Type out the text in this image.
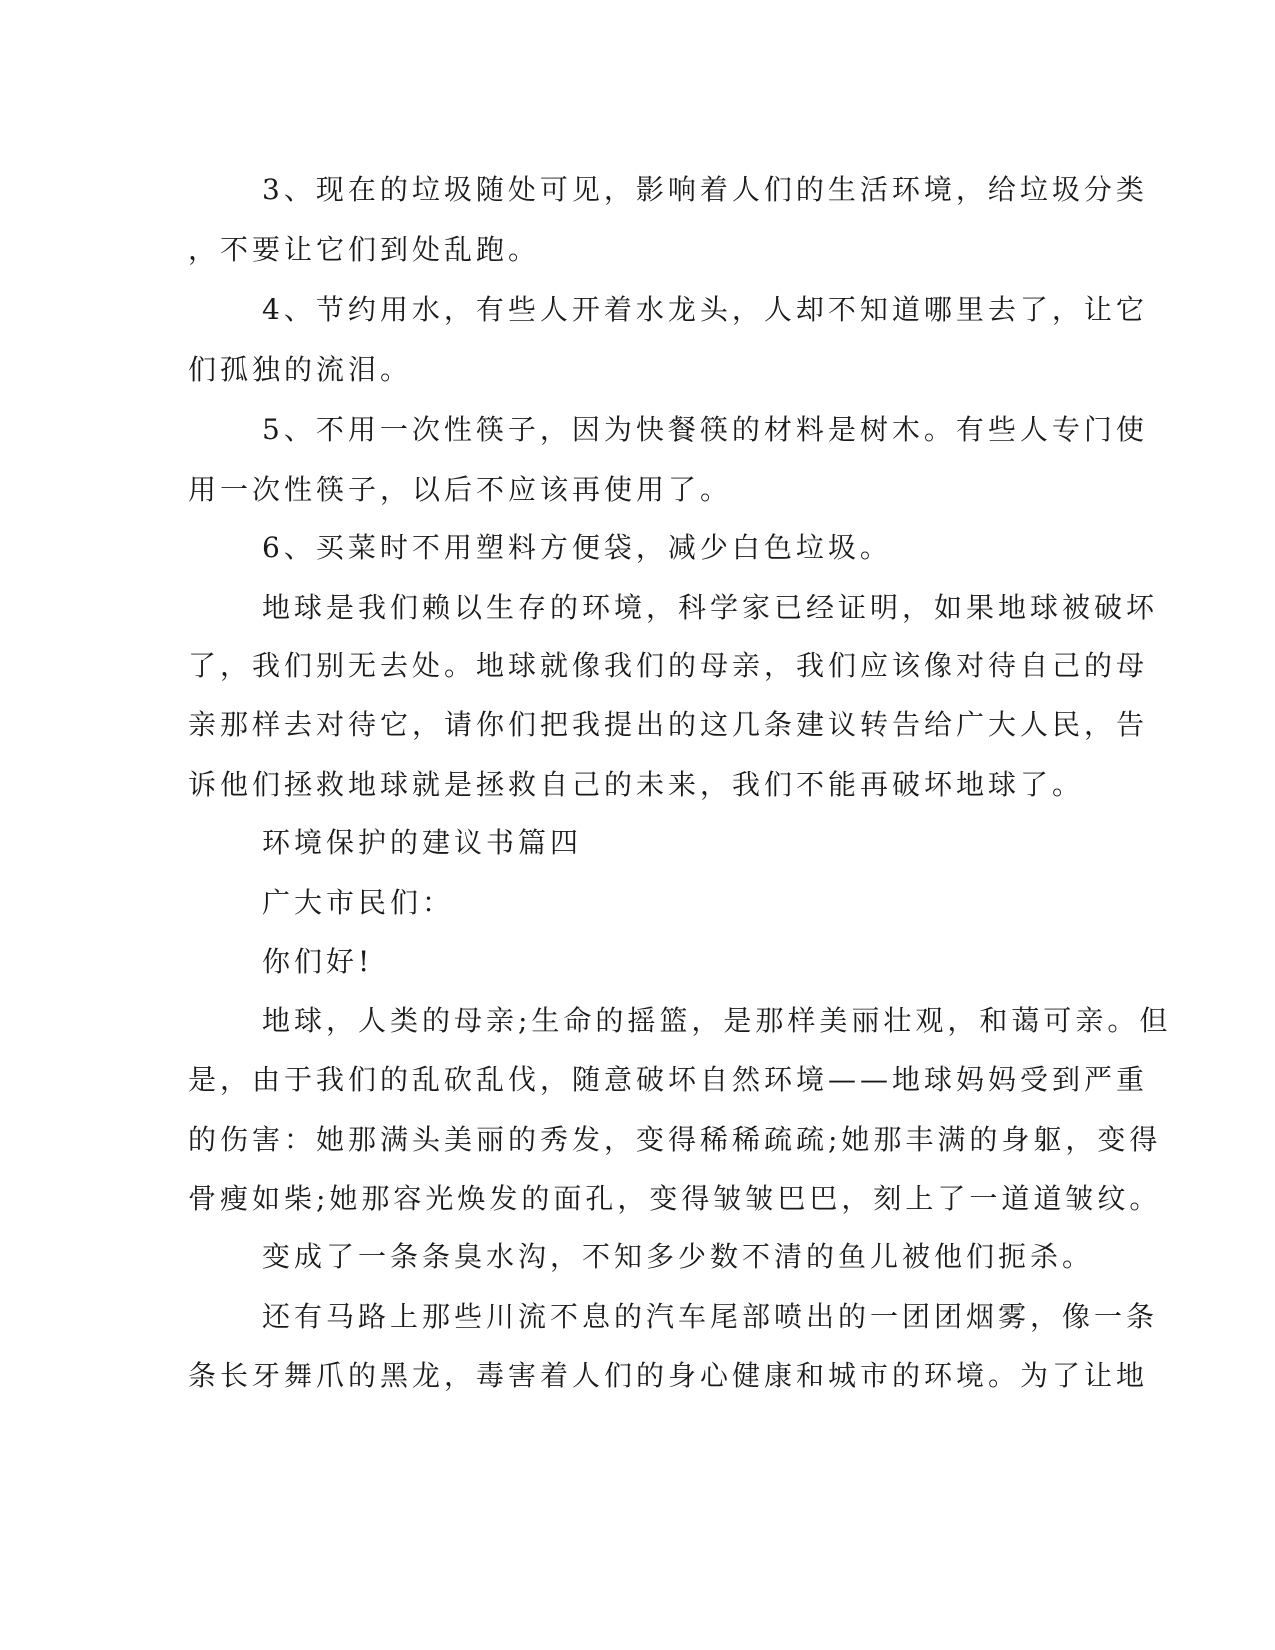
3、现在的垃圾随处可见，影响着人们的生活环境，给垃圾分类

，不要让它们到处乱跑。

4、节约用水，有些人开着水龙头，人却不知道哪里去了，让它

们孤独的流泪。

5、不用一次性筷子，因为快餐筷的材料是树木。有些人专门使

用一次性筷子，以后不应该再使用了。

6、买菜时不用塑料方便袋，减少白色垃圾。

地球是我们赖以生存的环境，科学家已经证明，如果地球被破坏

了，我们别无去处。地球就像我们的母亲，我们应该像对待自己的母

亲那样去对待它，请你们把我提出的这几条建议转告给广大人民，告

诉他们拯救地球就是拯救自己的未来，我们不能再破坏地球了。

环境保护的建议书篇四

广大市民们：

你们好!

地球，人类的母亲;生命的摇篮，是那样美丽壮观，和蔼可亲。但

是，由于我们的乱砍乱伐，随意破坏自然环境——地球妈妈受到严重

的伤害：她那满头美丽的秀发，变得稀稀疏疏;她那丰满的身躯，变得

骨瘦如柴;她那容光焕发的面孔，变得皱皱巴巴，刻上了一道道皱纹。

变成了一条条臭水沟，不知多少数不清的鱼儿被他们扼杀。

还有马路上那些川流不息的汽车尾部喷出的一团团烟雾，像一条

条长牙舞爪的黑龙，毒害着人们的身心健康和城市的环境。为了让地
